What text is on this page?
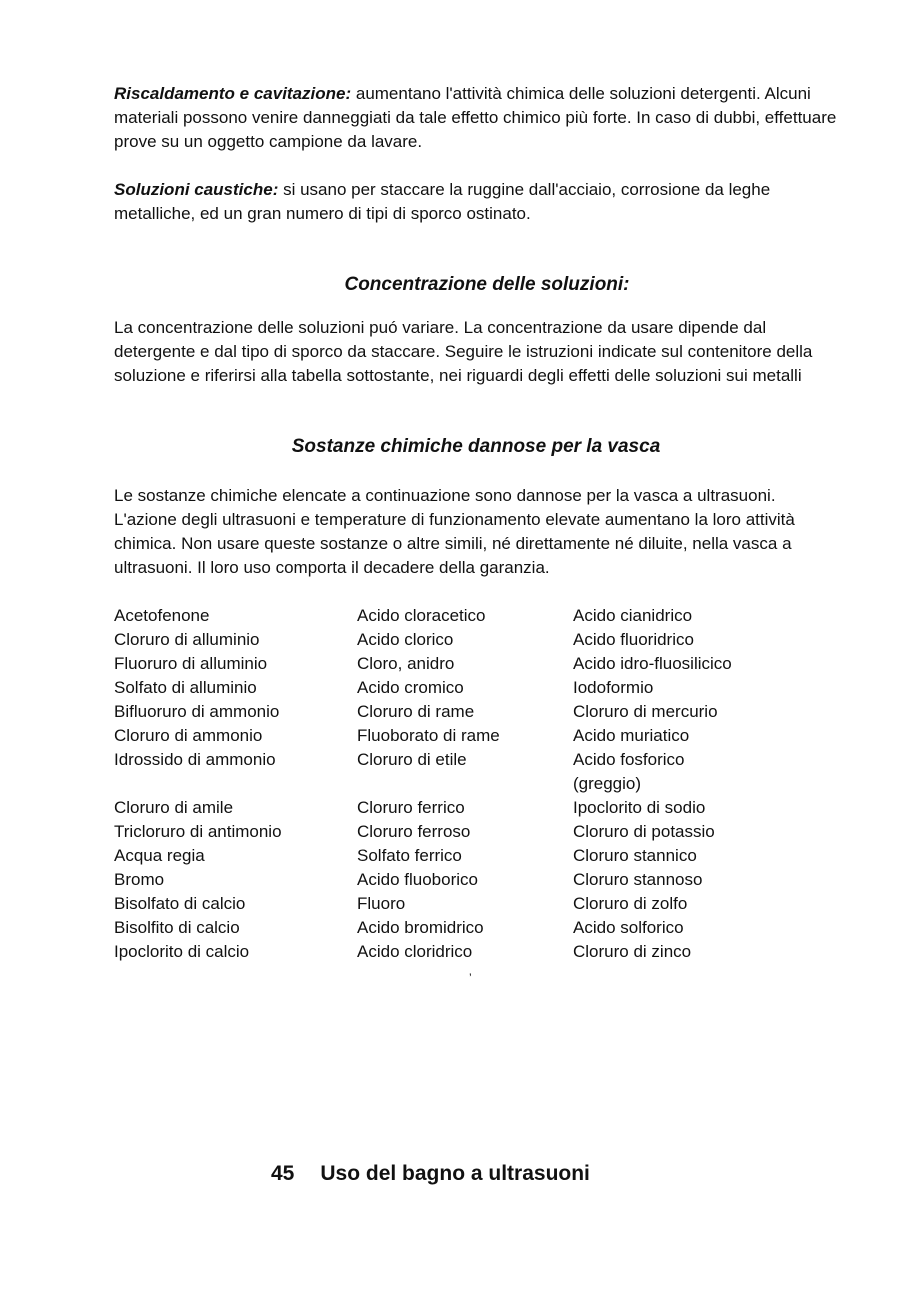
Riscaldamento e cavitazione: aumentano l'attività chimica delle soluzioni detergenti. Alcuni materiali possono venire danneggiati da tale effetto chimico più forte. In caso di dubbi, effettuare prove su un oggetto campione da lavare.

Soluzioni caustiche: si usano per staccare la ruggine dall'acciaio, corrosione da leghe metalliche, ed un gran numero di tipi di sporco ostinato.

Concentrazione delle soluzioni:

La concentrazione delle soluzioni puó variare. La concentrazione da usare dipende dal detergente e dal tipo di sporco da staccare. Seguire le istruzioni indicate sul contenitore della soluzione e riferirsi alla tabella sottostante, nei riguardi degli effetti delle soluzioni sui metalli

Sostanze chimiche dannose per la vasca

Le sostanze chimiche elencate a continuazione sono dannose per la vasca a ultrasuoni. L'azione degli ultrasuoni e temperature di funzionamento elevate aumentano la loro attività chimica. Non usare queste sostanze o altre simili, né direttamente né diluite, nella vasca a ultrasuoni. Il loro uso comporta il decadere della garanzia.

Acetofenone
Cloruro di alluminio
Fluoruro di alluminio
Solfato di alluminio
Bifluoruro di ammonio
Cloruro di ammonio
Idrossido di ammonio
Cloruro di amile
Tricloruro di antimonio
Acqua regia
Bromo
Bisolfato di calcio
Bisolfito di calcio
Ipoclorito di calcio
Acido cloracetico
Acido clorico
Cloro, anidro
Acido cromico
Cloruro di rame
Fluoborato di rame
Cloruro di etile
Cloruro ferrico
Cloruro ferroso
Solfato ferrico
Acido fluoborico
Fluoro
Acido bromidrico
Acido cloridrico
Acido cianidrico
Acido fluoridrico
Acido idro-fluosilicico
Iodoformio
Cloruro di mercurio
Acido muriatico
Acido fosforico
(greggio)
Ipoclorito di sodio
Cloruro di potassio
Cloruro stannico
Cloruro stannoso
Cloruro di zolfo
Acido solforico
Cloruro di zinco
’
45 Uso del bagno a ultrasuoni
